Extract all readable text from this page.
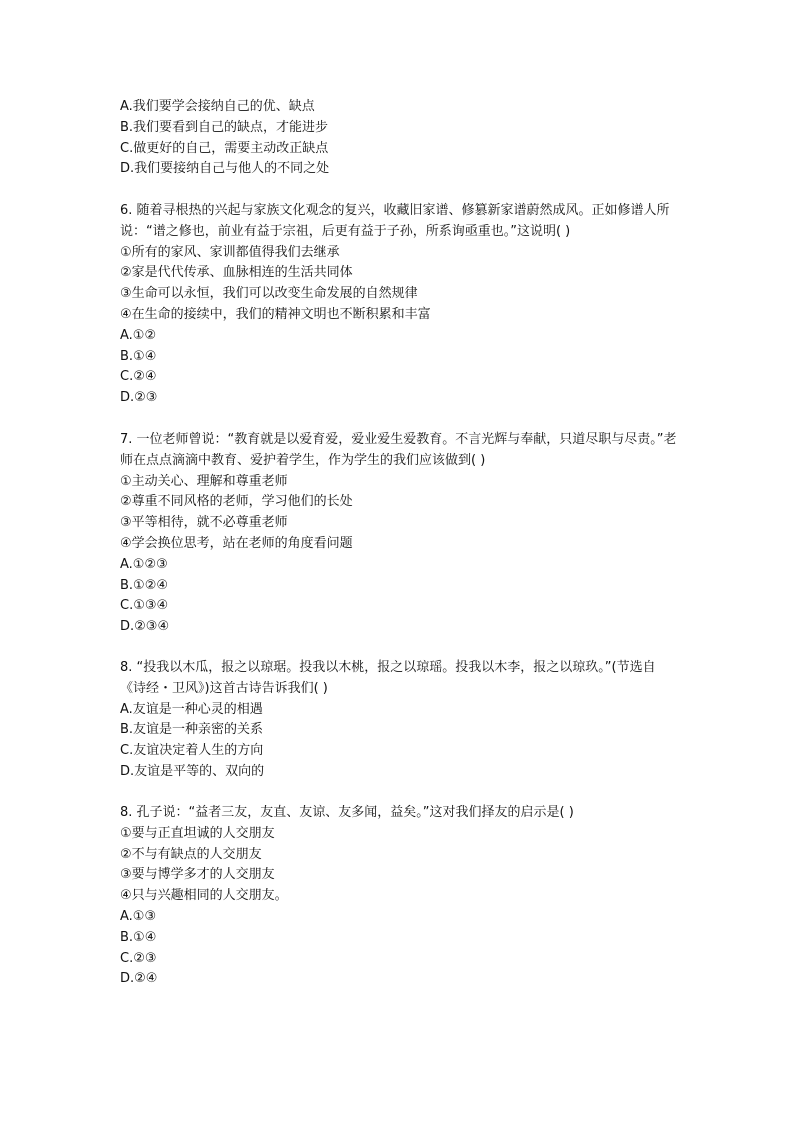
A.我们要学会接纳自己的优、缺点
B.我们要看到自己的缺点，才能进步
C.做更好的自己，需要主动改正缺点
D.我们要接纳自己与他人的不同之处
6. 随着寻根热的兴起与家族文化观念的复兴，收藏旧家谱、修篡新家谱蔚然成风。正如修谱人所说：“谱之修也，前业有益于宗祖，后更有益于子孙，所系询亟重也。”这说明( )
①所有的家风、家训都值得我们去继承
②家是代代传承、血脉相连的生活共同体
③生命可以永恒，我们可以改变生命发展的自然规律
④在生命的接续中，我们的精神文明也不断积累和丰富
A.①②
B.①④
C.②④
D.②③
7. 一位老师曾说：“教育就是以爱育爱，爱业爱生爱教育。不言光辉与奉献，只道尽职与尽责。”老师在点点滴滴中教育、爱护着学生，作为学生的我们应该做到( )
①主动关心、理解和尊重老师
②尊重不同风格的老师，学习他们的长处
③平等相待，就不必尊重老师
④学会换位思考，站在老师的角度看问题
A.①②③
B.①②④
C.①③④
D.②③④
8. “投我以木瓜，报之以琼琚。投我以木桃，报之以琼瑶。投我以木李，报之以琼玖。”(节选自《诗经・卫风》)这首古诗告诉我们( )
A.友谊是一种心灵的相遇
B.友谊是一种亲密的关系
C.友谊决定着人生的方向
D.友谊是平等的、双向的
8. 孔子说：“益者三友，友直、友谅、友多闻，益矣。”这对我们择友的启示是( )
①要与正直坦诚的人交朋友
②不与有缺点的人交朋友
③要与博学多才的人交朋友
④只与兴趣相同的人交朋友。
A.①③
B.①④
C.②③
D.②④
